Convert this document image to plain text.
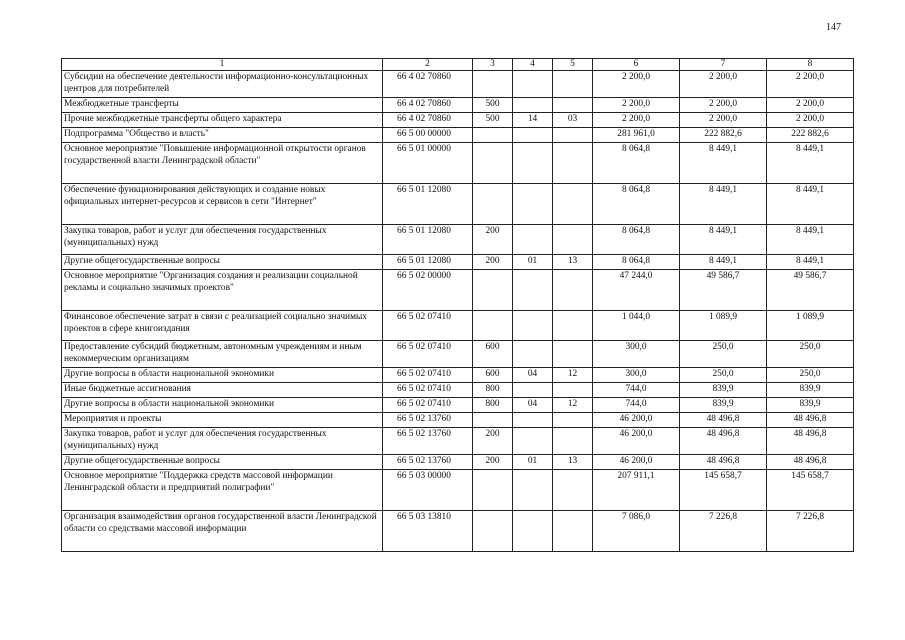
147
1	2	3	4	5	6	7	8
Субсидии на обеспечение деятельности информационно-консультационных центров для потребителей	66 4 02 70860				2 200,0	2 200,0	2 200,0
Межбюджетные трансферты	66 4 02 70860	500			2 200,0	2 200,0	2 200,0
Прочие межбюджетные трансферты общего характера	66 4 02 70860	500	14	03	2 200,0	2 200,0	2 200,0
Подпрограмма "Общество и власть"	66 5 00 00000				281 961,0	222 882,6	222 882,6
Основное мероприятие "Повышение информационной открытости органов государственной власти Ленинградской области"	66 5 01 00000				8 064,8	8 449,1	8 449,1
Обеспечение функционирования действующих и создание новых официальных интернет-ресурсов и сервисов в сети "Интернет"	66 5 01 12080				8 064,8	8 449,1	8 449,1
Закупка товаров, работ и услуг для обеспечения государственных (муниципальных) нужд	66 5 01 12080	200			8 064,8	8 449,1	8 449,1
Другие общегосударственные вопросы	66 5 01 12080	200	01	13	8 064,8	8 449,1	8 449,1
Основное мероприятие "Организация создания и реализации социальной рекламы и социально значимых проектов"	66 5 02 00000				47 244,0	49 586,7	49 586,7
Финансовое обеспечение затрат в связи с реализацией социально значимых проектов в сфере книгоиздания	66 5 02 07410				1 044,0	1 089,9	1 089,9
Предоставление субсидий бюджетным, автономным учреждениям и иным некоммерческим организациям	66 5 02 07410	600			300,0	250,0	250,0
Другие вопросы в области национальной экономики	66 5 02 07410	600	04	12	300,0	250,0	250,0
Иные бюджетные ассигнования	66 5 02 07410	800			744,0	839,9	839,9
Другие вопросы в области национальной экономики	66 5 02 07410	800	04	12	744,0	839,9	839,9
Мероприятия и проекты	66 5 02 13760				46 200,0	48 496,8	48 496,8
Закупка товаров, работ и услуг для обеспечения государственных (муниципальных) нужд	66 5 02 13760	200			46 200,0	48 496,8	48 496,8
Другие общегосударственные вопросы	66 5 02 13760	200	01	13	46 200,0	48 496,8	48 496,8
Основное мероприятие "Поддержка средств массовой информации Ленинградской области и предприятий полиграфии"	66 5 03 00000				207 911,1	145 658,7	145 658,7
Организация взаимодействия органов государственной власти Ленинградской области со средствами массовой информации	66 5 03 13810				7 086,0	7 226,8	7 226,8
